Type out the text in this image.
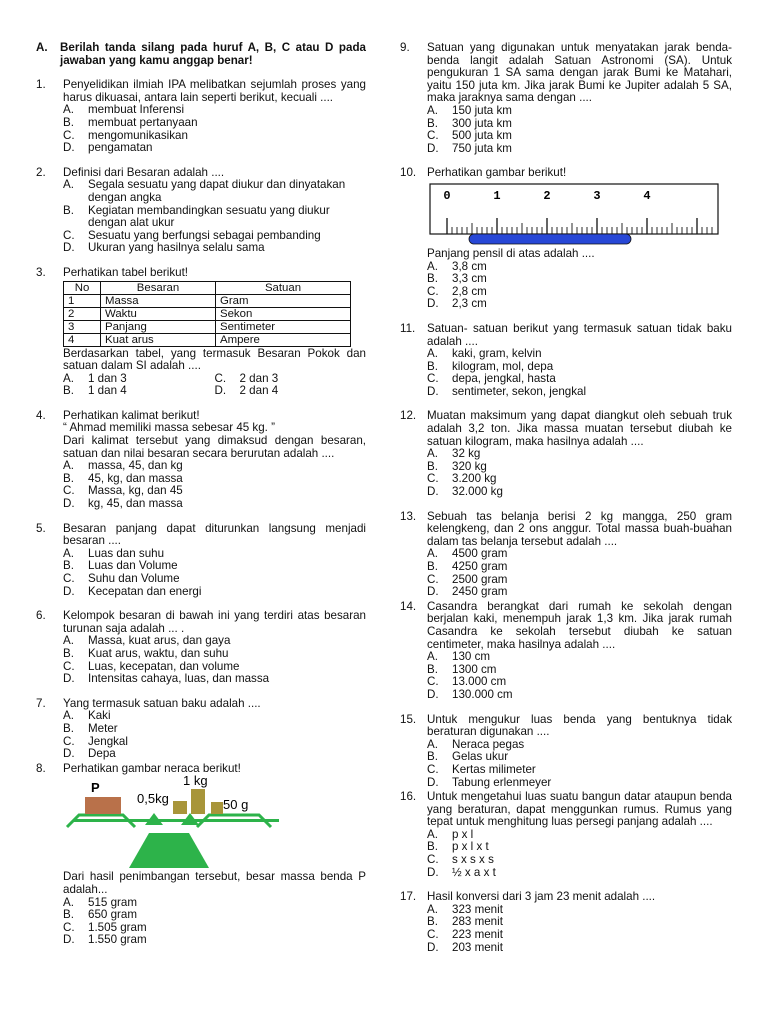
A.	Berilah tanda silang pada huruf A, B, C atau D pada jawaban yang kamu anggap benar!
1.	Penyelidikan ilmiah IPA melibatkan sejumlah proses yang harus dikuasai, antara lain seperti berikut, kecuali ....
A.	membuat Inferensi
B.	membuat pertanyaan
C.	mengomunikasikan
D.	pengamatan
2.	Definisi dari Besaran adalah ....
A.	Segala sesuatu yang dapat diukur dan dinyatakan dengan angka
B.	Kegiatan membandingkan sesuatu yang diukur dengan alat ukur
C.	Sesuatu yang berfungsi sebagai pembanding
D.	Ukuran yang hasilnya selalu sama
3.	Perhatikan tabel berikut!
No	Besaran	Satuan
1	Massa	Gram
2	Waktu	Sekon
3	Panjang	Sentimeter
4	Kuat arus	Ampere
Berdasarkan tabel, yang termasuk Besaran Pokok dan satuan dalam SI adalah ....
A.	1 dan 3	C.	2 dan 3
B.	1 dan 4	D.	2 dan 4
4.	Perhatikan kalimat berikut!
“ Ahmad memiliki massa sebesar 45 kg. ”
Dari kalimat tersebut yang dimaksud dengan besaran, satuan dan nilai besaran secara berurutan adalah ....
A.	massa, 45, dan kg
B.	45, kg, dan massa
C.	Massa, kg, dan 45
D.	kg, 45, dan massa
5.	Besaran panjang dapat diturunkan langsung menjadi besaran ....
A.	Luas dan suhu
B.	Luas dan Volume
C.	Suhu dan Volume
D.	Kecepatan dan energi
6.	Kelompok besaran di bawah ini yang terdiri atas besaran turunan saja adalah ... .
A.	Massa, kuat arus, dan gaya
B.	Kuat arus, waktu, dan suhu
C.	Luas, kecepatan, dan volume
D.	Intensitas cahaya, luas, dan massa
7.	Yang termasuk satuan baku adalah ....
A.	Kaki
B.	Meter
C.	Jengkal
D.	Depa
8.	Perhatikan gambar neraca berikut!
P
0,5kg
1 kg
50 g
Dari hasil penimbangan tersebut, besar massa benda P adalah...
A.	515 gram
B.	650 gram
C.	1.505 gram
D.	1.550 gram
9.	Satuan yang digunakan untuk menyatakan jarak benda-benda langit adalah Satuan Astronomi (SA). Untuk pengukuran 1 SA sama dengan jarak Bumi ke Matahari, yaitu 150 juta km. Jika jarak Bumi ke Jupiter adalah 5 SA, maka jaraknya sama dengan ....
A.	150 juta km
B.	300 juta km
C.	500 juta km
D.	750 juta km
10. Perhatikan gambar berikut!
0	1	2	3	4
Panjang pensil di atas adalah ....
A.	3,8 cm
B.	3,3 cm
C.	2,8 cm
D.	2,3 cm
11.	Satuan- satuan berikut yang termasuk satuan tidak baku adalah ....
A.	kaki, gram, kelvin
B.	kilogram, mol, depa
C.	depa, jengkal, hasta
D.	sentimeter, sekon, jengkal
12. Muatan maksimum yang dapat diangkut oleh sebuah truk adalah 3,2 ton. Jika massa muatan tersebut diubah ke satuan kilogram, maka hasilnya adalah ....
A.	32 kg
B.	320 kg
C.	3.200 kg
D.	32.000 kg
13. Sebuah tas belanja berisi 2 kg mangga, 250 gram kelengkeng, dan 2 ons anggur. Total massa buah-buahan dalam tas belanja tersebut adalah ....
A.	4500 gram
B.	4250 gram
C.	2500 gram
D.	2450 gram
14. Casandra berangkat dari rumah ke sekolah dengan berjalan kaki, menempuh jarak 1,3 km. Jika jarak rumah Casandra ke sekolah tersebut diubah ke satuan centimeter, maka hasilnya adalah ....
A.	130 cm
B.	1300 cm
C.	13.000 cm
D.	130.000 cm
15. Untuk mengukur luas benda yang bentuknya tidak beraturan digunakan ....
A.	Neraca pegas
B.	Gelas ukur
C.	Kertas milimeter
D.	Tabung erlenmeyer
16. Untuk mengetahui luas suatu bangun datar ataupun benda yang beraturan, dapat menggunkan rumus. Rumus yang tepat untuk menghitung luas persegi panjang adalah ....
A.	p x l
B.	p x l x t
C.	s x s x s
D.	½ x a x t
17. Hasil konversi dari 3 jam 23 menit adalah ....
A.	323 menit
B.	283 menit
C.	223 menit
D.	203 menit
